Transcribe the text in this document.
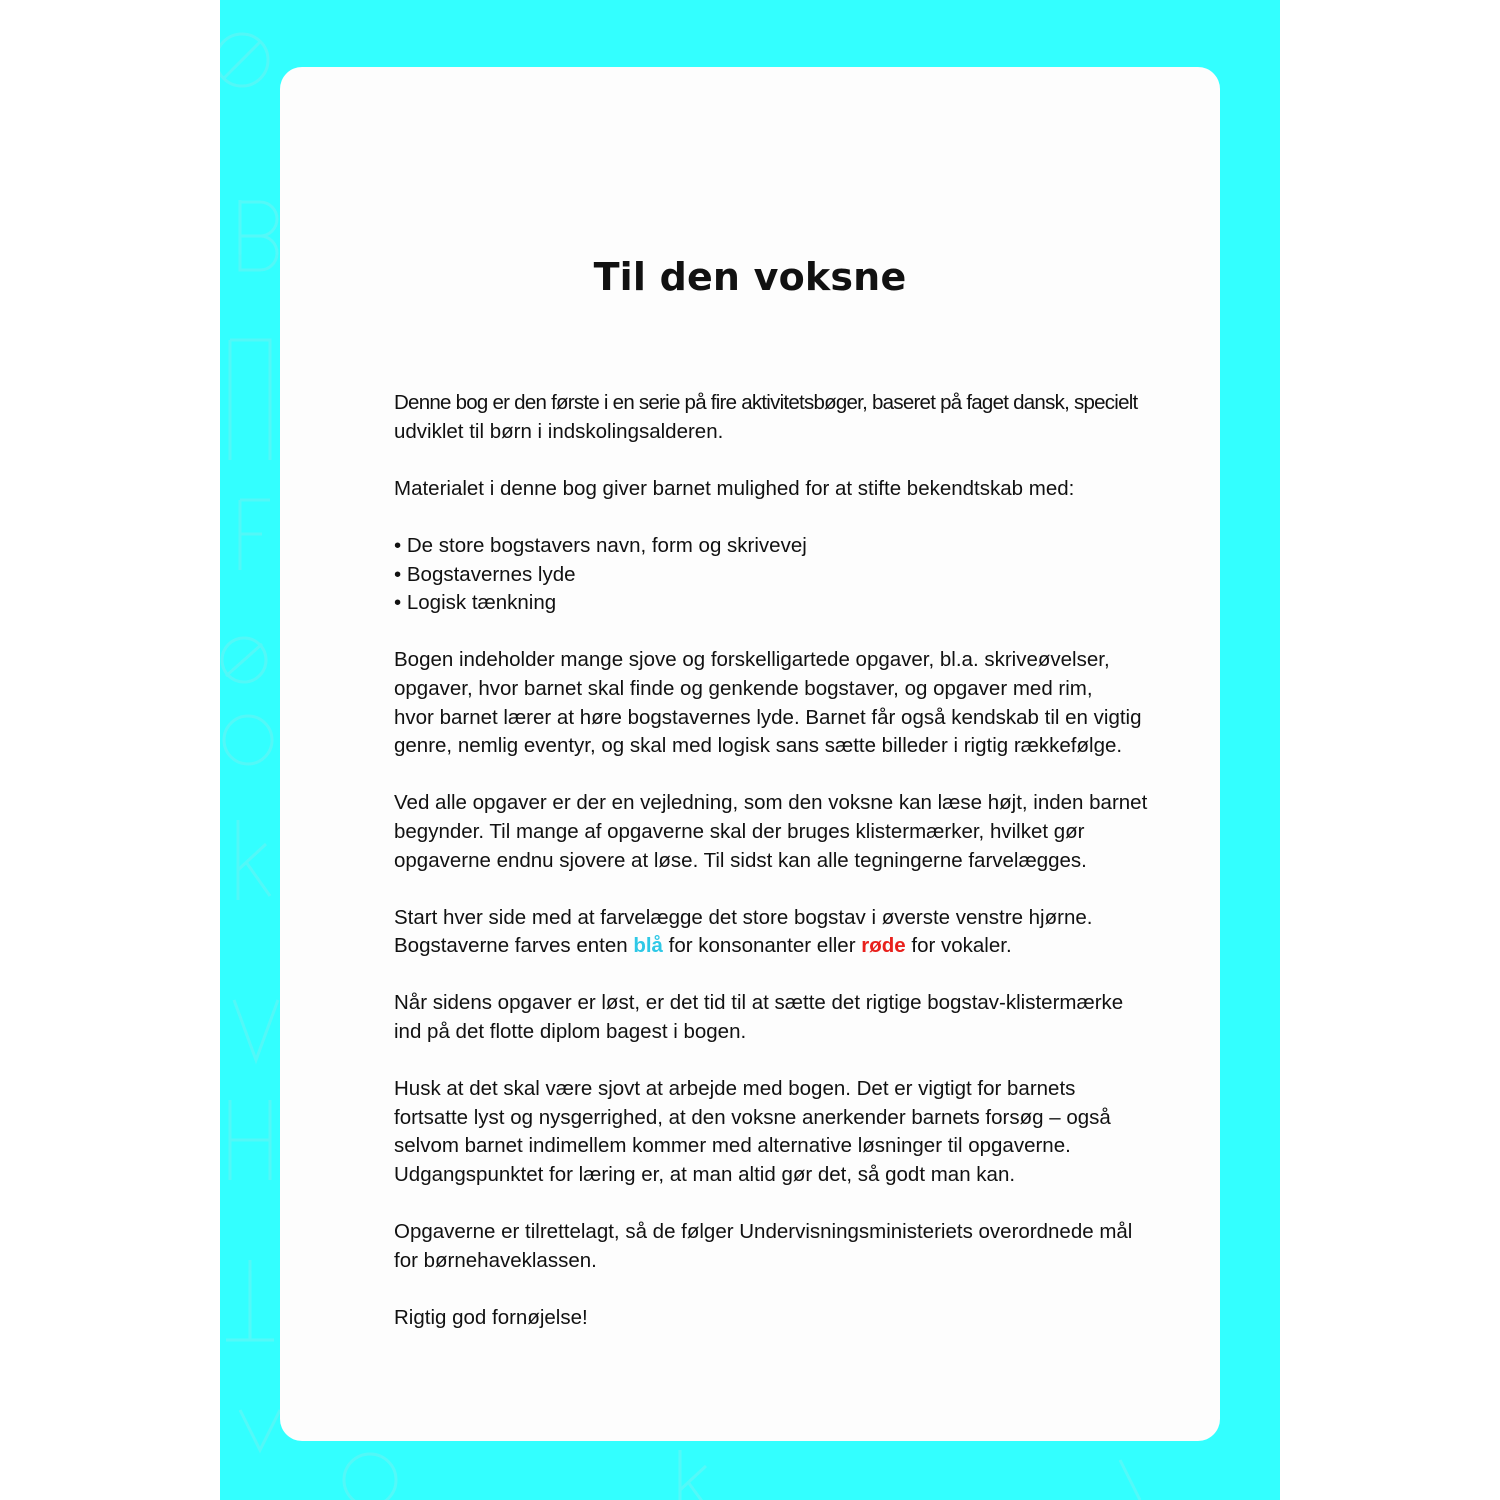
Til den voksne

Denne bog er den første i en serie på fire aktivitetsbøger, baseret på faget dansk, specielt
udviklet til børn i indskolingsalderen.

Materialet i denne bog giver barnet mulighed for at stifte bekendtskab med:

• De store bogstavers navn, form og skrivevej
• Bogstavernes lyde
• Logisk tænkning

Bogen indeholder mange sjove og forskelligartede opgaver, bl.a. skriveøvelser,
opgaver, hvor barnet skal finde og genkende bogstaver, og opgaver med rim,
hvor barnet lærer at høre bogstavernes lyde. Barnet får også kendskab til en vigtig
genre, nemlig eventyr, og skal med logisk sans sætte billeder i rigtig rækkefølge.

Ved alle opgaver er der en vejledning, som den voksne kan læse højt, inden barnet
begynder. Til mange af opgaverne skal der bruges klistermærker, hvilket gør
opgaverne endnu sjovere at løse. Til sidst kan alle tegningerne farvelægges.

Start hver side med at farvelægge det store bogstav i øverste venstre hjørne.
Bogstaverne farves enten blå for konsonanter eller røde for vokaler.

Når sidens opgaver er løst, er det tid til at sætte det rigtige bogstav-klistermærke
ind på det flotte diplom bagest i bogen.

Husk at det skal være sjovt at arbejde med bogen. Det er vigtigt for barnets
fortsatte lyst og nysgerrighed, at den voksne anerkender barnets forsøg – også
selvom barnet indimellem kommer med alternative løsninger til opgaverne.
Udgangspunktet for læring er, at man altid gør det, så godt man kan.

Opgaverne er tilrettelagt, så de følger Undervisningsministeriets overordnede mål
for børnehaveklassen.

Rigtig god fornøjelse!
